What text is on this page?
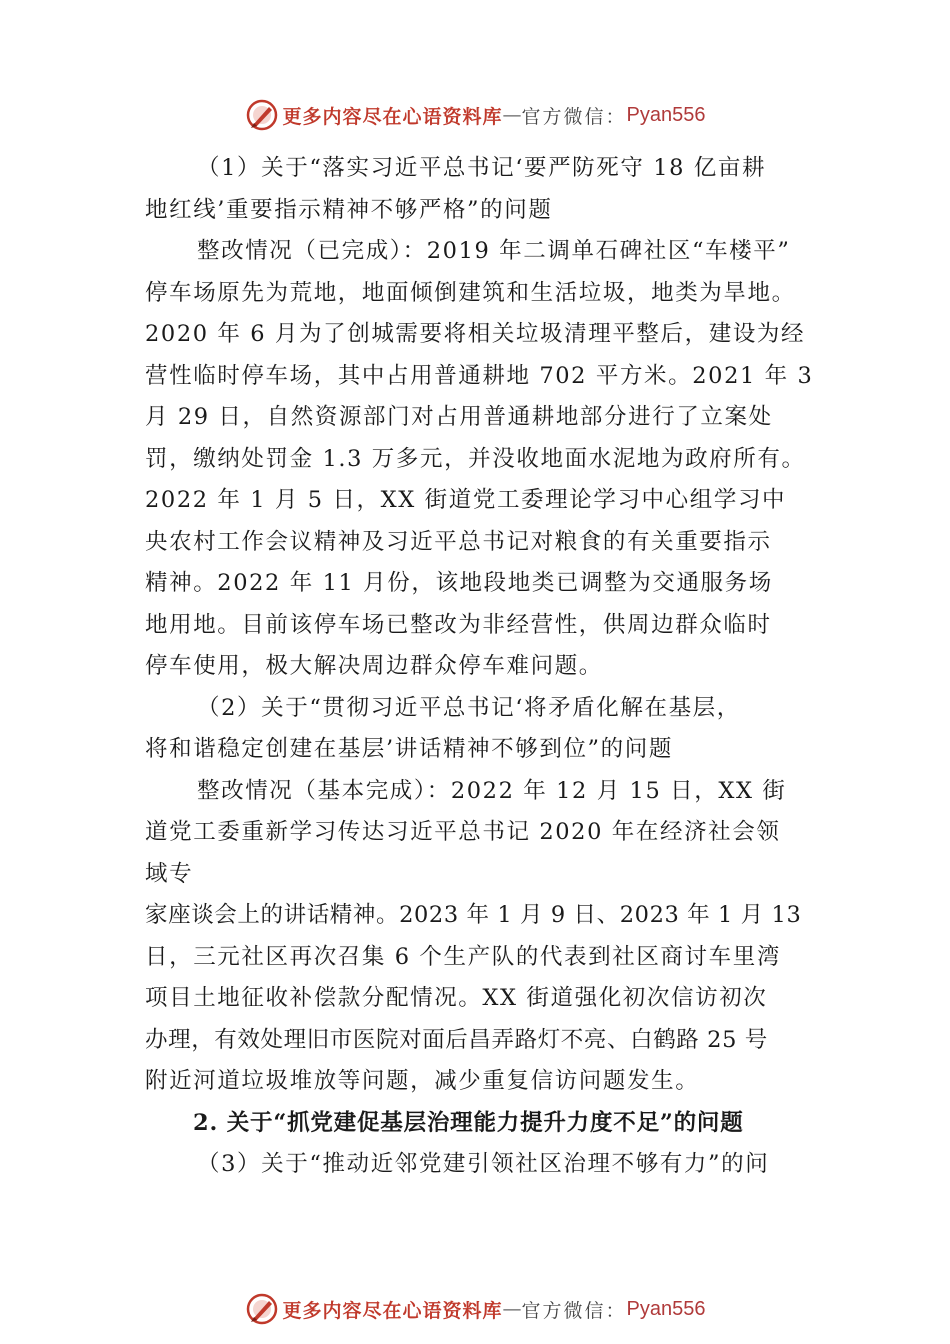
更多内容尽在心语资料库 — 官方微信： Pyan556
（1）关于“落实习近平总书记‘要严防死守 18 亿亩耕
地红线’重要指示精神不够严格”的问题
整改情况（已完成）：2019 年二调单石碑社区“车楼平”
停车场原先为荒地，地面倾倒建筑和生活垃圾，地类为旱地。
2020 年 6 月为了创城需要将相关垃圾清理平整后，建设为经
营性临时停车场，其中占用普通耕地 702 平方米。2021 年 3
月 29 日，自然资源部门对占用普通耕地部分进行了立案处
罚，缴纳处罚金 1.3 万多元，并没收地面水泥地为政府所有。
2022 年 1 月 5 日，XX 街道党工委理论学习中心组学习中
央农村工作会议精神及习近平总书记对粮食的有关重要指示
精神。2022 年 11 月份，该地段地类已调整为交通服务场
地用地。目前该停车场已整改为非经营性，供周边群众临时
停车使用，极大解决周边群众停车难问题。
（2）关于“贯彻习近平总书记‘将矛盾化解在基层，
将和谐稳定创建在基层’讲话精神不够到位”的问题
整改情况（基本完成）：2022 年 12 月 15 日，XX 街
道党工委重新学习传达习近平总书记 2020 年在经济社会领
域专
家座谈会上的讲话精神。2023 年 1 月 9 日、2023 年 1 月 13
日，三元社区再次召集 6 个生产队的代表到社区商讨车里湾
项目土地征收补偿款分配情况。XX 街道强化初次信访初次
办理，有效处理旧市医院对面后昌弄路灯不亮、白鹤路 25 号
附近河道垃圾堆放等问题，减少重复信访问题发生。
2. 关于“抓党建促基层治理能力提升力度不足”的问题
（3）关于“推动近邻党建引领社区治理不够有力”的问
更多内容尽在心语资料库 — 官方微信： Pyan556
